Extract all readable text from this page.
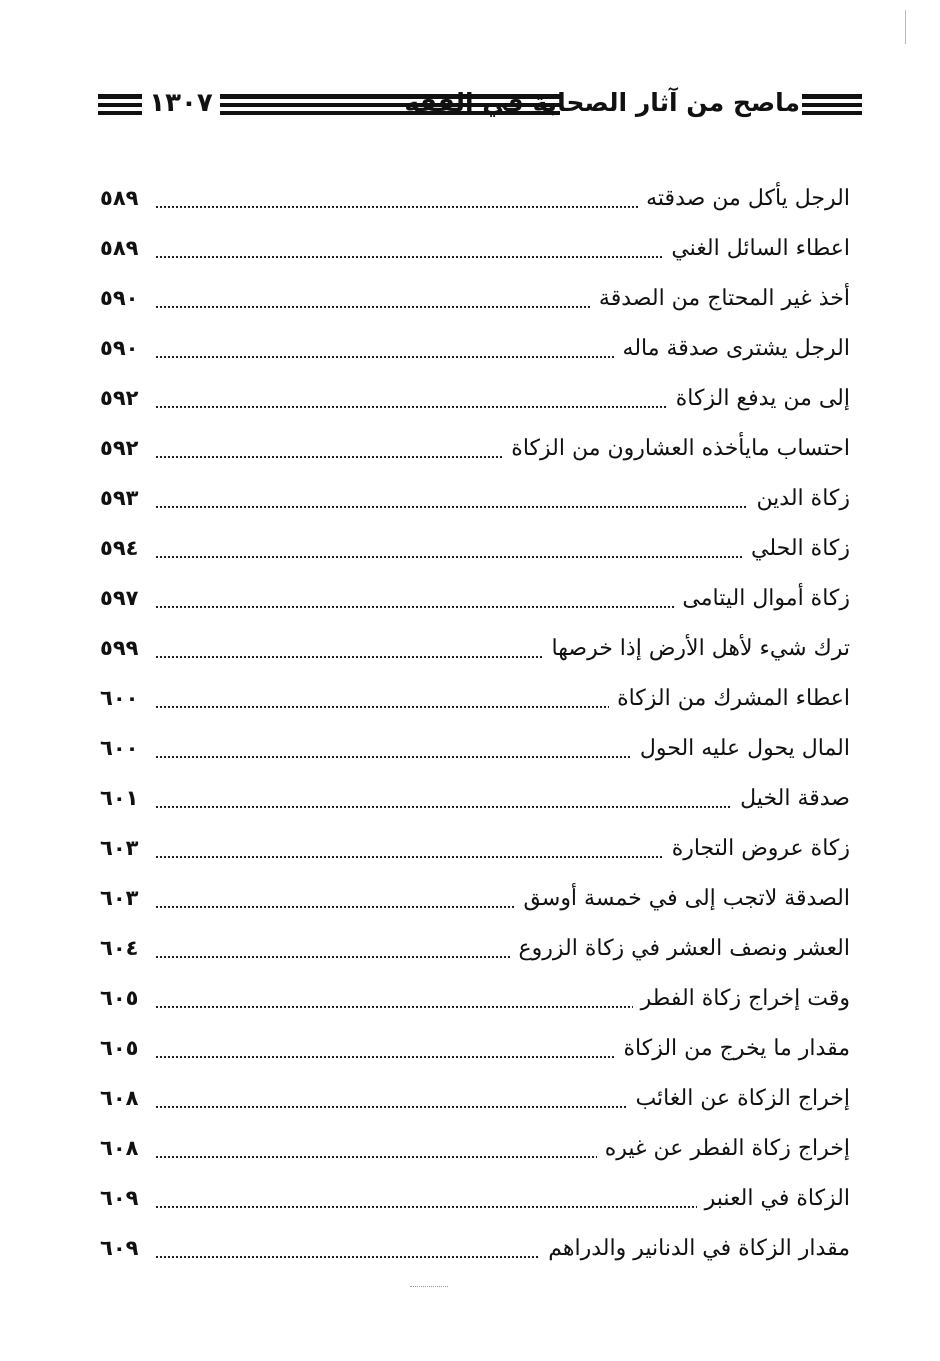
١٣٠٧	ماصح من آثار الصحابة في الفقه
الرجل يأكل من صدقته
٥٨٩
اعطاء السائل الغني
٥٨٩
أخذ غير المحتاج من الصدقة
٥٩٠
الرجل يشترى صدقة ماله
٥٩٠
إلى من يدفع الزكاة
٥٩٢
احتساب مايأخذه العشارون من الزكاة
٥٩٢
زكاة الدين
٥٩٣
زكاة الحلي
٥٩٤
زكاة أموال اليتامى
٥٩٧
ترك شيء لأهل الأرض إذا خرصها
٥٩٩
اعطاء المشرك من الزكاة
٦٠٠
المال يحول عليه الحول
٦٠٠
صدقة الخيل
٦٠١
زكاة عروض التجارة
٦٠٣
الصدقة لاتجب إلى في خمسة أوسق
٦٠٣
العشر ونصف العشر في زكاة الزروع
٦٠٤
وقت إخراج زكاة الفطر
٦٠٥
مقدار ما يخرج من الزكاة
٦٠٥
إخراج الزكاة عن الغائب
٦٠٨
إخراج زكاة الفطر عن غيره
٦٠٨
الزكاة في العنبر
٦٠٩
مقدار الزكاة في الدنانير والدراهم
٦٠٩
